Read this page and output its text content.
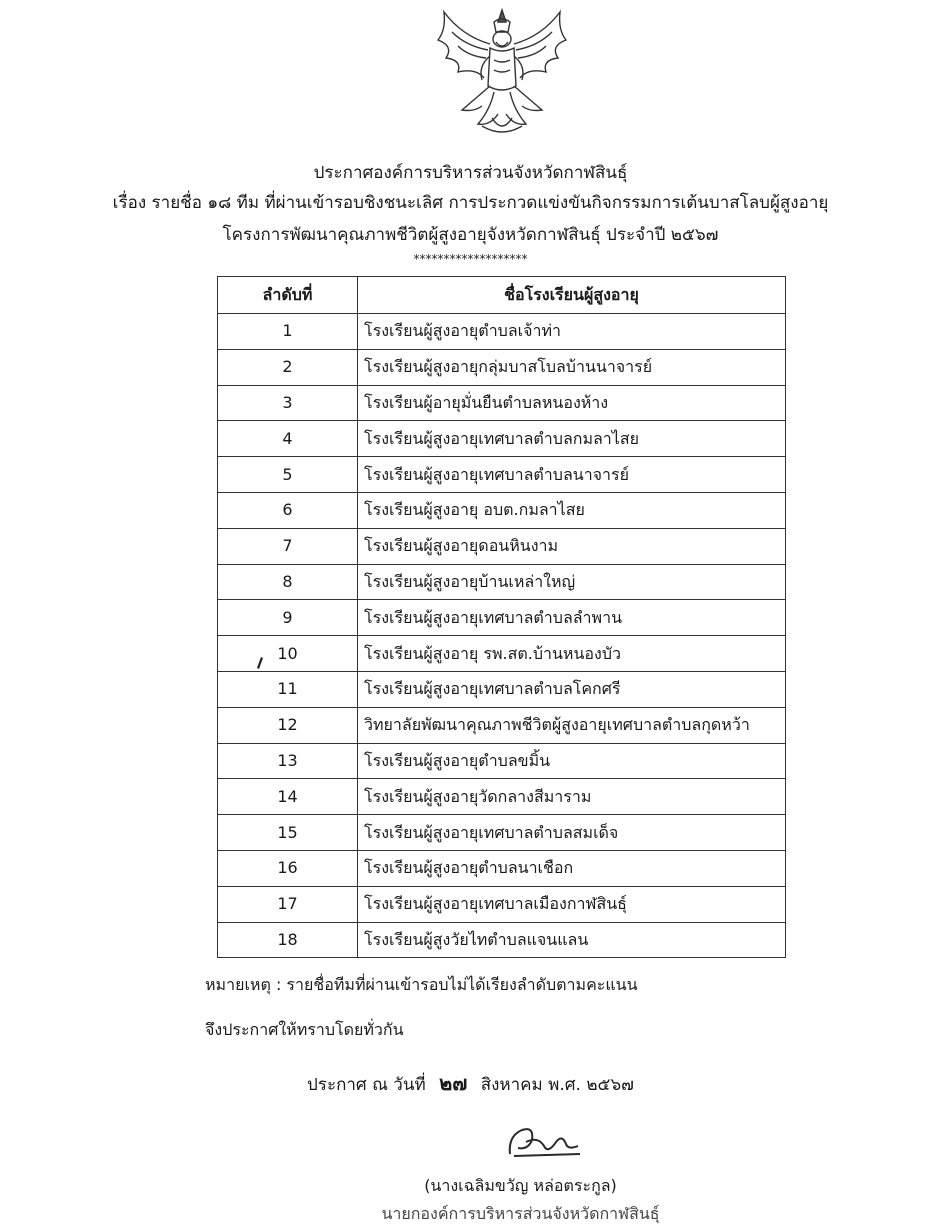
ประกาศองค์การบริหารส่วนจังหวัดกาฬสินธุ์
เรื่อง รายชื่อ ๑๘ ทีม ที่ผ่านเข้ารอบชิงชนะเลิศ การประกวดแข่งขันกิจกรรมการเต้นบาสโลบผู้สูงอายุ
โครงการพัฒนาคุณภาพชีวิตผู้สูงอายุจังหวัดกาฬสินธุ์ ประจำปี ๒๕๖๗
*******************
ลำดับที่	ชื่อโรงเรียนผู้สูงอายุ
1	โรงเรียนผู้สูงอายุตำบลเจ้าท่า
2	โรงเรียนผู้สูงอายุกลุ่มบาสโบลบ้านนาจารย์
3	โรงเรียนผู้อายุมั่นยืนตำบลหนองห้าง
4	โรงเรียนผู้สูงอายุเทศบาลตำบลกมลาไสย
5	โรงเรียนผู้สูงอายุเทศบาลตำบลนาจารย์
6	โรงเรียนผู้สูงอายุ อบต.กมลาไสย
7	โรงเรียนผู้สูงอายุดอนหินงาม
8	โรงเรียนผู้สูงอายุบ้านเหล่าใหญ่
9	โรงเรียนผู้สูงอายุเทศบาลตำบลลำพาน
10	โรงเรียนผู้สูงอายุ รพ.สต.บ้านหนองบัว
11	โรงเรียนผู้สูงอายุเทศบาลตำบลโคกศรี
12	วิทยาลัยพัฒนาคุณภาพชีวิตผู้สูงอายุเทศบาลตำบลกุดหว้า
13	โรงเรียนผู้สูงอายุตำบลขมิ้น
14	โรงเรียนผู้สูงอายุวัดกลางสีมาราม
15	โรงเรียนผู้สูงอายุเทศบาลตำบลสมเด็จ
16	โรงเรียนผู้สูงอายุตำบลนาเชือก
17	โรงเรียนผู้สูงอายุเทศบาลเมืองกาฬสินธุ์
18	โรงเรียนผู้สูงวัยไทตำบลแจนแลน
หมายเหตุ : รายชื่อทีมที่ผ่านเข้ารอบไม่ได้เรียงลำดับตามคะแนน
จึงประกาศให้ทราบโดยทั่วกัน
ประกาศ ณ วันที่ ๒๗ สิงหาคม พ.ศ. ๒๕๖๗
(นางเฉลิมขวัญ หล่อตระกูล)
นายกองค์การบริหารส่วนจังหวัดกาฬสินธุ์
